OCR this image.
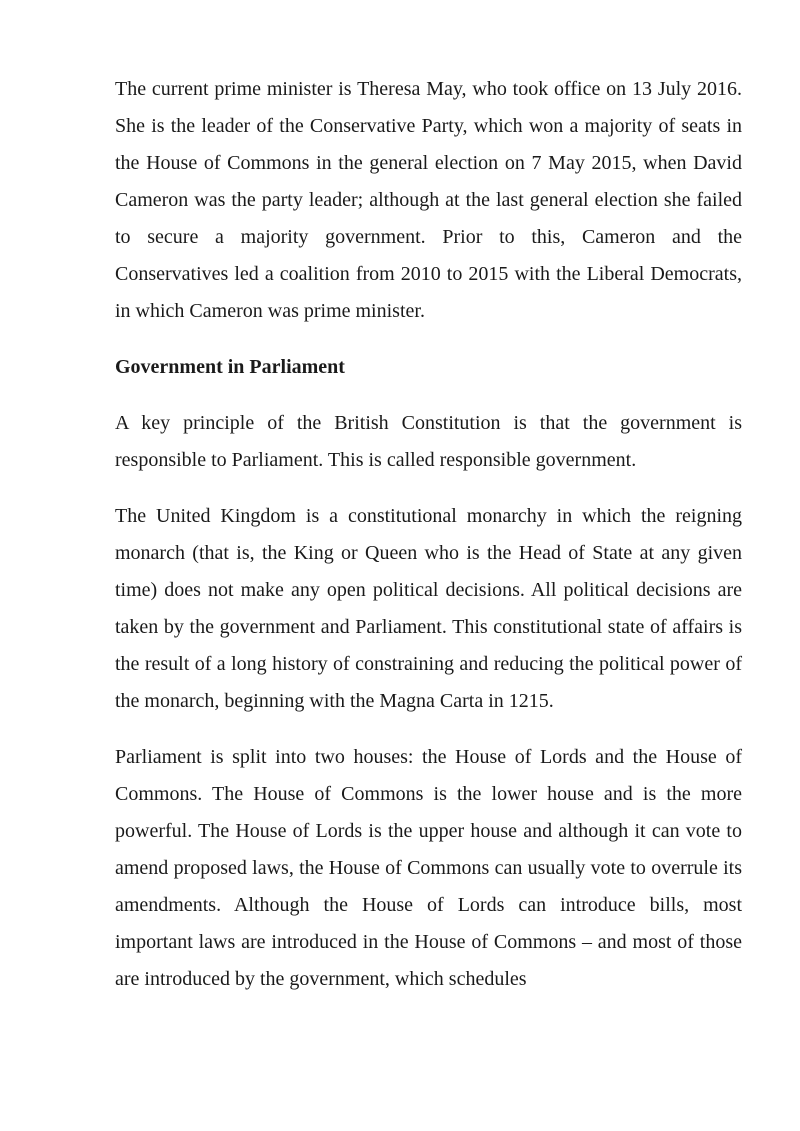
The current prime minister is Theresa May, who took office on 13 July 2016. She is the leader of the Conservative Party, which won a majority of seats in the House of Commons in the general election on 7 May 2015, when David Cameron was the party leader; although at the last general election she failed to secure a majority government. Prior to this, Cameron and the Conservatives led a coalition from 2010 to 2015 with the Liberal Democrats, in which Cameron was prime minister.

Government in Parliament

A key principle of the British Constitution is that the government is responsible to Parliament. This is called responsible government.

The United Kingdom is a constitutional monarchy in which the reigning monarch (that is, the King or Queen who is the Head of State at any given time) does not make any open political decisions. All political decisions are taken by the government and Parliament. This constitutional state of affairs is the result of a long history of constraining and reducing the political power of the monarch, beginning with the Magna Carta in 1215.

Parliament is split into two houses: the House of Lords and the House of Commons. The House of Commons is the lower house and is the more powerful. The House of Lords is the upper house and although it can vote to amend proposed laws, the House of Commons can usually vote to overrule its amendments. Although the House of Lords can introduce bills, most important laws are introduced in the House of Commons – and most of those are introduced by the government, which schedules
